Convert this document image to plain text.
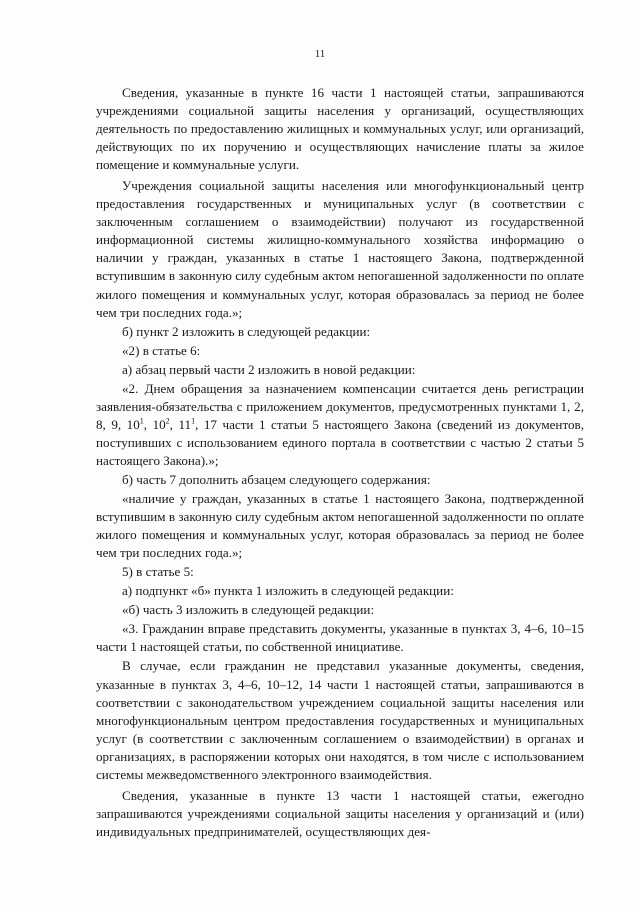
11

Сведения, указанные в пункте 16 части 1 настоящей статьи, запрашиваются учреждениями социальной защиты населения у организаций, осуществляющих деятельность по предоставлению жилищных и коммунальных услуг, или организаций, действующих по их поручению и осуществляющих начисление платы за жилое помещение и коммунальные услуги.

Учреждения социальной защиты населения или многофункциональный центр предоставления государственных и муниципальных услуг (в соответствии с заключенным соглашением о взаимодействии) получают из государственной информационной системы жилищно-коммунального хозяйства информацию о наличии у граждан, указанных в статье 1 настоящего Закона, подтвержденной вступившим в законную силу судебным актом непогашенной задолженности по оплате жилого помещения и коммунальных услуг, которая образовалась за период не более чем три последних года.»;

б) пункт 2 изложить в следующей редакции:

«2) в статье 6:

а) абзац первый части 2 изложить в новой редакции:

«2. Днем обращения за назначением компенсации считается день регистрации заявления-обязательства с приложением документов, предусмотренных пунктами 1, 2, 8, 9, $10^1$, $10^2$, $11^1$, 17 части 1 статьи 5 настоящего Закона (сведений из документов, поступивших с использованием единого портала в соответствии с частью 2 статьи 5 настоящего Закона).»;

б) часть 7 дополнить абзацем следующего содержания:

«наличие у граждан, указанных в статье 1 настоящего Закона, подтвержденной вступившим в законную силу судебным актом непогашенной задолженности по оплате жилого помещения и коммунальных услуг, которая образовалась за период не более чем три последних года.»;

5) в статье 5:

а) подпункт «б» пункта 1 изложить в следующей редакции:

«б) часть 3 изложить в следующей редакции:

«3. Гражданин вправе представить документы, указанные в пунктах 3, 4–6, 10–15 части 1 настоящей статьи, по собственной инициативе.

В случае, если гражданин не представил указанные документы, сведения, указанные в пунктах 3, 4–6, 10–12, 14 части 1 настоящей статьи, запрашиваются в соответствии с законодательством учреждением социальной защиты населения или многофункциональным центром предоставления государственных и муниципальных услуг (в соответствии с заключенным соглашением о взаимодействии) в органах и организациях, в распоряжении которых они находятся, в том числе с использованием системы межведомственного электронного взаимодействия.

Сведения, указанные в пункте 13 части 1 настоящей статьи, ежегодно запрашиваются учреждениями социальной защиты населения у организаций и (или) индивидуальных предпринимателей, осуществляющих дея-
